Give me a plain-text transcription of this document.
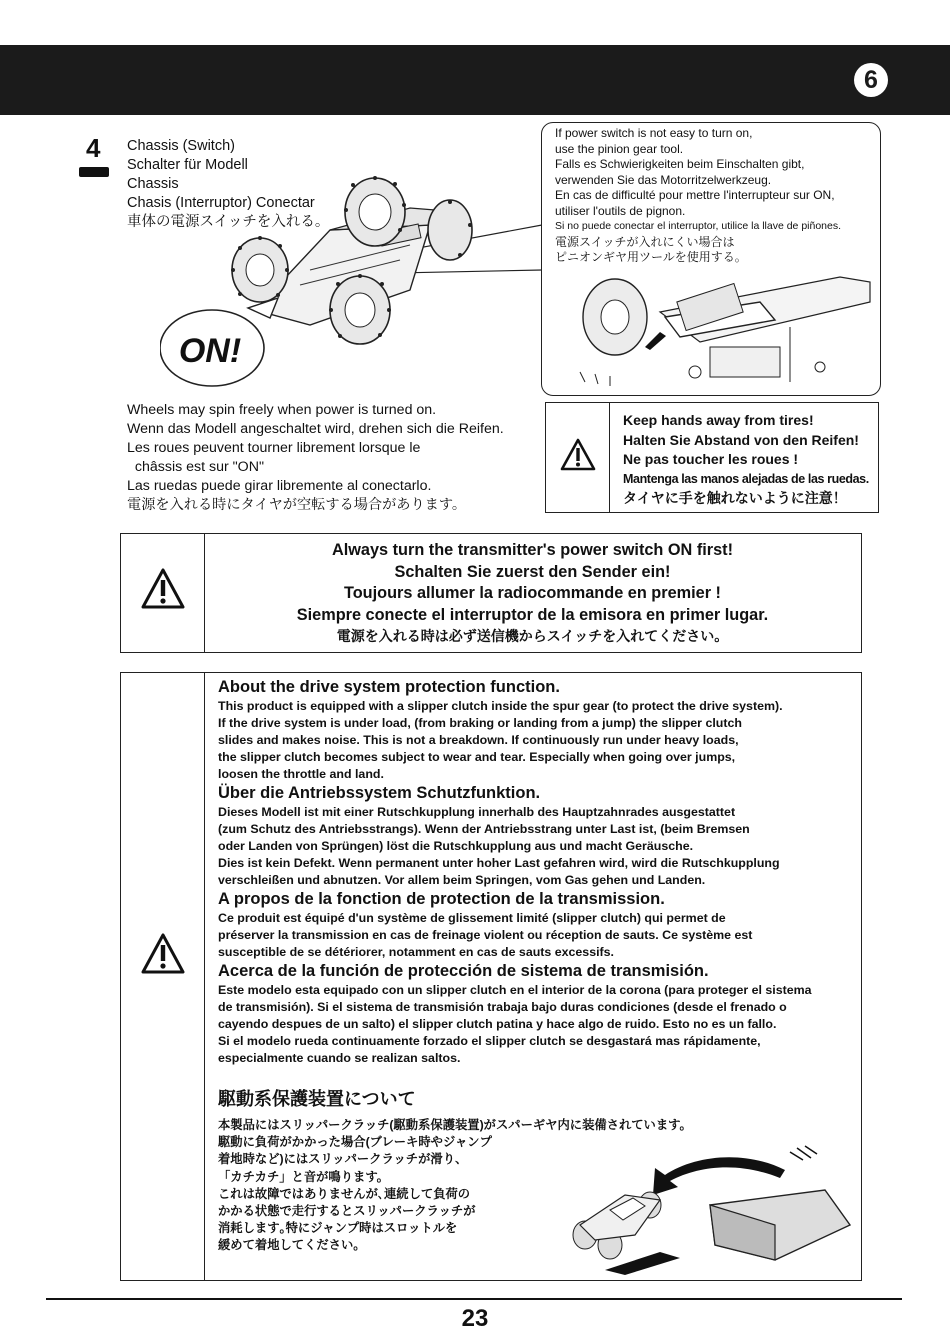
6
4 Chassis (Switch)
Schalter für Modell
Chassis
Chasis (Interruptor) Conectar
車体の電源スイッチを入れる。
ON!
If power switch is not easy to turn on,
use the pinion gear tool.
Falls es Schwierigkeiten beim Einschalten gibt,
verwenden Sie das Motorritzelwerkzeug.
En cas de difficulté pour mettre l'interrupteur sur ON,
utiliser l'outils de pignon.
Si no puede conectar el interruptor, utilice la llave de piñones.
電源スイッチが入れにくい場合は
ピニオンギヤ用ツールを使用する。
Wheels may spin freely when power is turned on.
Wenn das Modell angeschaltet wird, drehen sich die Reifen.
Les roues peuvent tourner librement lorsque le
châssis est sur "ON"
Las ruedas puede girar libremente al conectarlo.
電源を入れる時にタイヤが空転する場合があります。
Keep hands away from tires!
Halten Sie Abstand von den Reifen!
Ne pas toucher les roues !
Mantenga las manos alejadas de las ruedas.
タイヤに手を触れないように注意！
Always turn the transmitter's power switch ON first!
Schalten Sie zuerst den Sender ein!
Toujours allumer la radiocommande en premier !
Siempre conecte el interruptor de la emisora en primer lugar.
電源を入れる時は必ず送信機からスイッチを入れてください。
About the drive system protection function.
This product is equipped with a slipper clutch inside the spur gear (to protect the drive system).
If the drive system is under load, (from braking or landing from a jump) the slipper clutch
slides and makes noise. This is not a breakdown. If continuously run under heavy loads,
the slipper clutch becomes subject to wear and tear. Especially when going over jumps,
loosen the throttle and land.
Über die Antriebssystem Schutzfunktion.
Dieses Modell ist mit einer Rutschkupplung innerhalb des Hauptzahnrades ausgestattet
(zum Schutz des Antriebsstrangs). Wenn der Antriebsstrang unter Last ist, (beim Bremsen
oder Landen von Sprüngen) löst die Rutschkupplung aus und macht Geräusche.
Dies ist kein Defekt. Wenn permanent unter hoher Last gefahren wird, wird die Rutschkupplung
verschleißen und abnutzen. Vor allem beim Springen, vom Gas gehen und Landen.
A propos de la fonction de protection de la transmission.
Ce produit est équipé d'un système de glissement limité (slipper clutch) qui permet de
préserver la transmission en cas de freinage violent ou réception de sauts. Ce système est
susceptible de se détériorer, notamment en cas de sauts excessifs.
Acerca de la función de protección de sistema de transmisión.
Este modelo esta equipado con un slipper clutch en el interior de la corona (para proteger el sistema
de transmisión). Si el sistema de transmisión trabaja bajo duras condiciones (desde el frenado o
cayendo despues de un salto) el slipper clutch patina y hace algo de ruido. Esto no es un fallo.
Si el modelo rueda continuamente forzado el slipper clutch se desgastará mas rápidamente,
especialmente cuando se realizan saltos.
駆動系保護装置について
本製品にはスリッパークラッチ(駆動系保護装置)がスパーギヤ内に装備されています。
駆動に負荷がかかった場合(ブレーキ時やジャンプ
着地時など)にはスリッパークラッチが滑り、
「カチカチ」と音が鳴ります。
これは故障ではありませんが､連続して負荷の
かかる状態で走行するとスリッパークラッチが
消耗します｡特にジャンプ時はスロットルを
緩めて着地してください。
23
